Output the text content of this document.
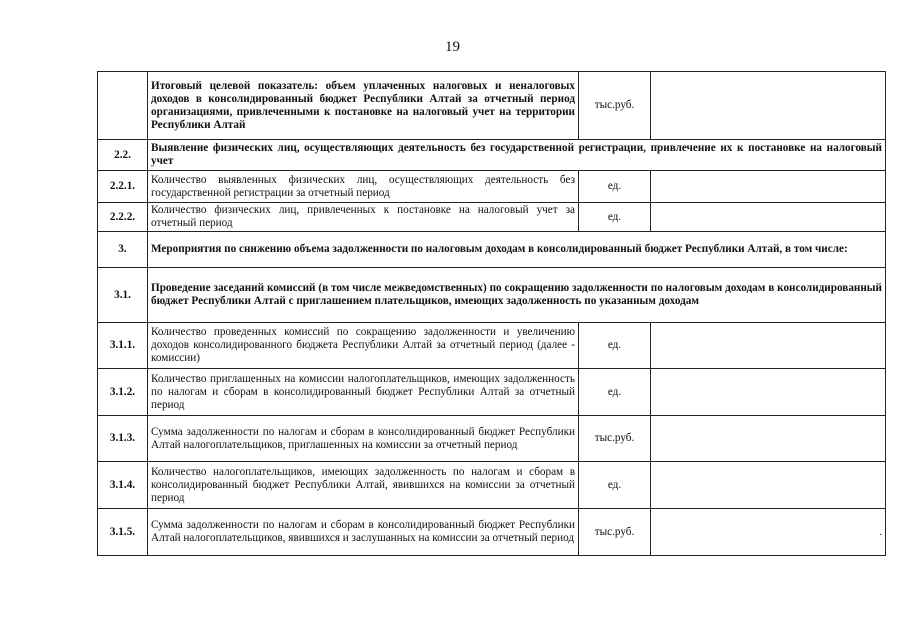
19
	Итоговый целевой показатель: объем уплаченных налоговых и неналоговых доходов в консолидированный бюджет Республики Алтай за отчетный период организациями, привлеченными к постановке на налоговый учет на территории Республики Алтай	тыс.руб.	
2.2.	Выявление физических лиц, осуществляющих деятельность без государственной регистрации, привлечение их к постановке на налоговый учет		
2.2.1.	Количество выявленных физических лиц, осуществляющих деятельность без государственной регистрации за отчетный период	ед.	
2.2.2.	Количество физических лиц, привлеченных к постановке на налоговый учет за отчетный период	ед.	
3.	Мероприятия по снижению объема задолженности по налоговым доходам в консолидированный бюджет Республики Алтай, в том числе:		
3.1.	Проведение заседаний комиссий (в том числе межведомственных) по сокращению задолженности по налоговым доходам в консолидированный бюджет Республики Алтай с приглашением плательщиков, имеющих задолженность по указанным доходам		
3.1.1.	Количество проведенных комиссий по сокращению задолженности и увеличению доходов консолидированного бюджета Республики Алтай за отчетный период (далее - комиссии)	ед.	
3.1.2.	Количество приглашенных на комиссии налогоплательщиков, имеющих задолженность по налогам и сборам в консолидированный бюджет Республики Алтай за отчетный период	ед.	
3.1.3.	Сумма задолженности по налогам и сборам в консолидированный бюджет Республики Алтай налогоплательщиков, приглашенных на комиссии за отчетный период	тыс.руб.	
3.1.4.	Количество налогоплательщиков, имеющих задолженность по налогам и сборам в консолидированный бюджет Республики Алтай, явившихся на комиссии за отчетный период	ед.	
3.1.5.	Сумма задолженности по налогам и сборам в консолидированный бюджет Республики Алтай налогоплательщиков, явившихся и заслушанных на комиссии за отчетный период	тыс.руб.	.
